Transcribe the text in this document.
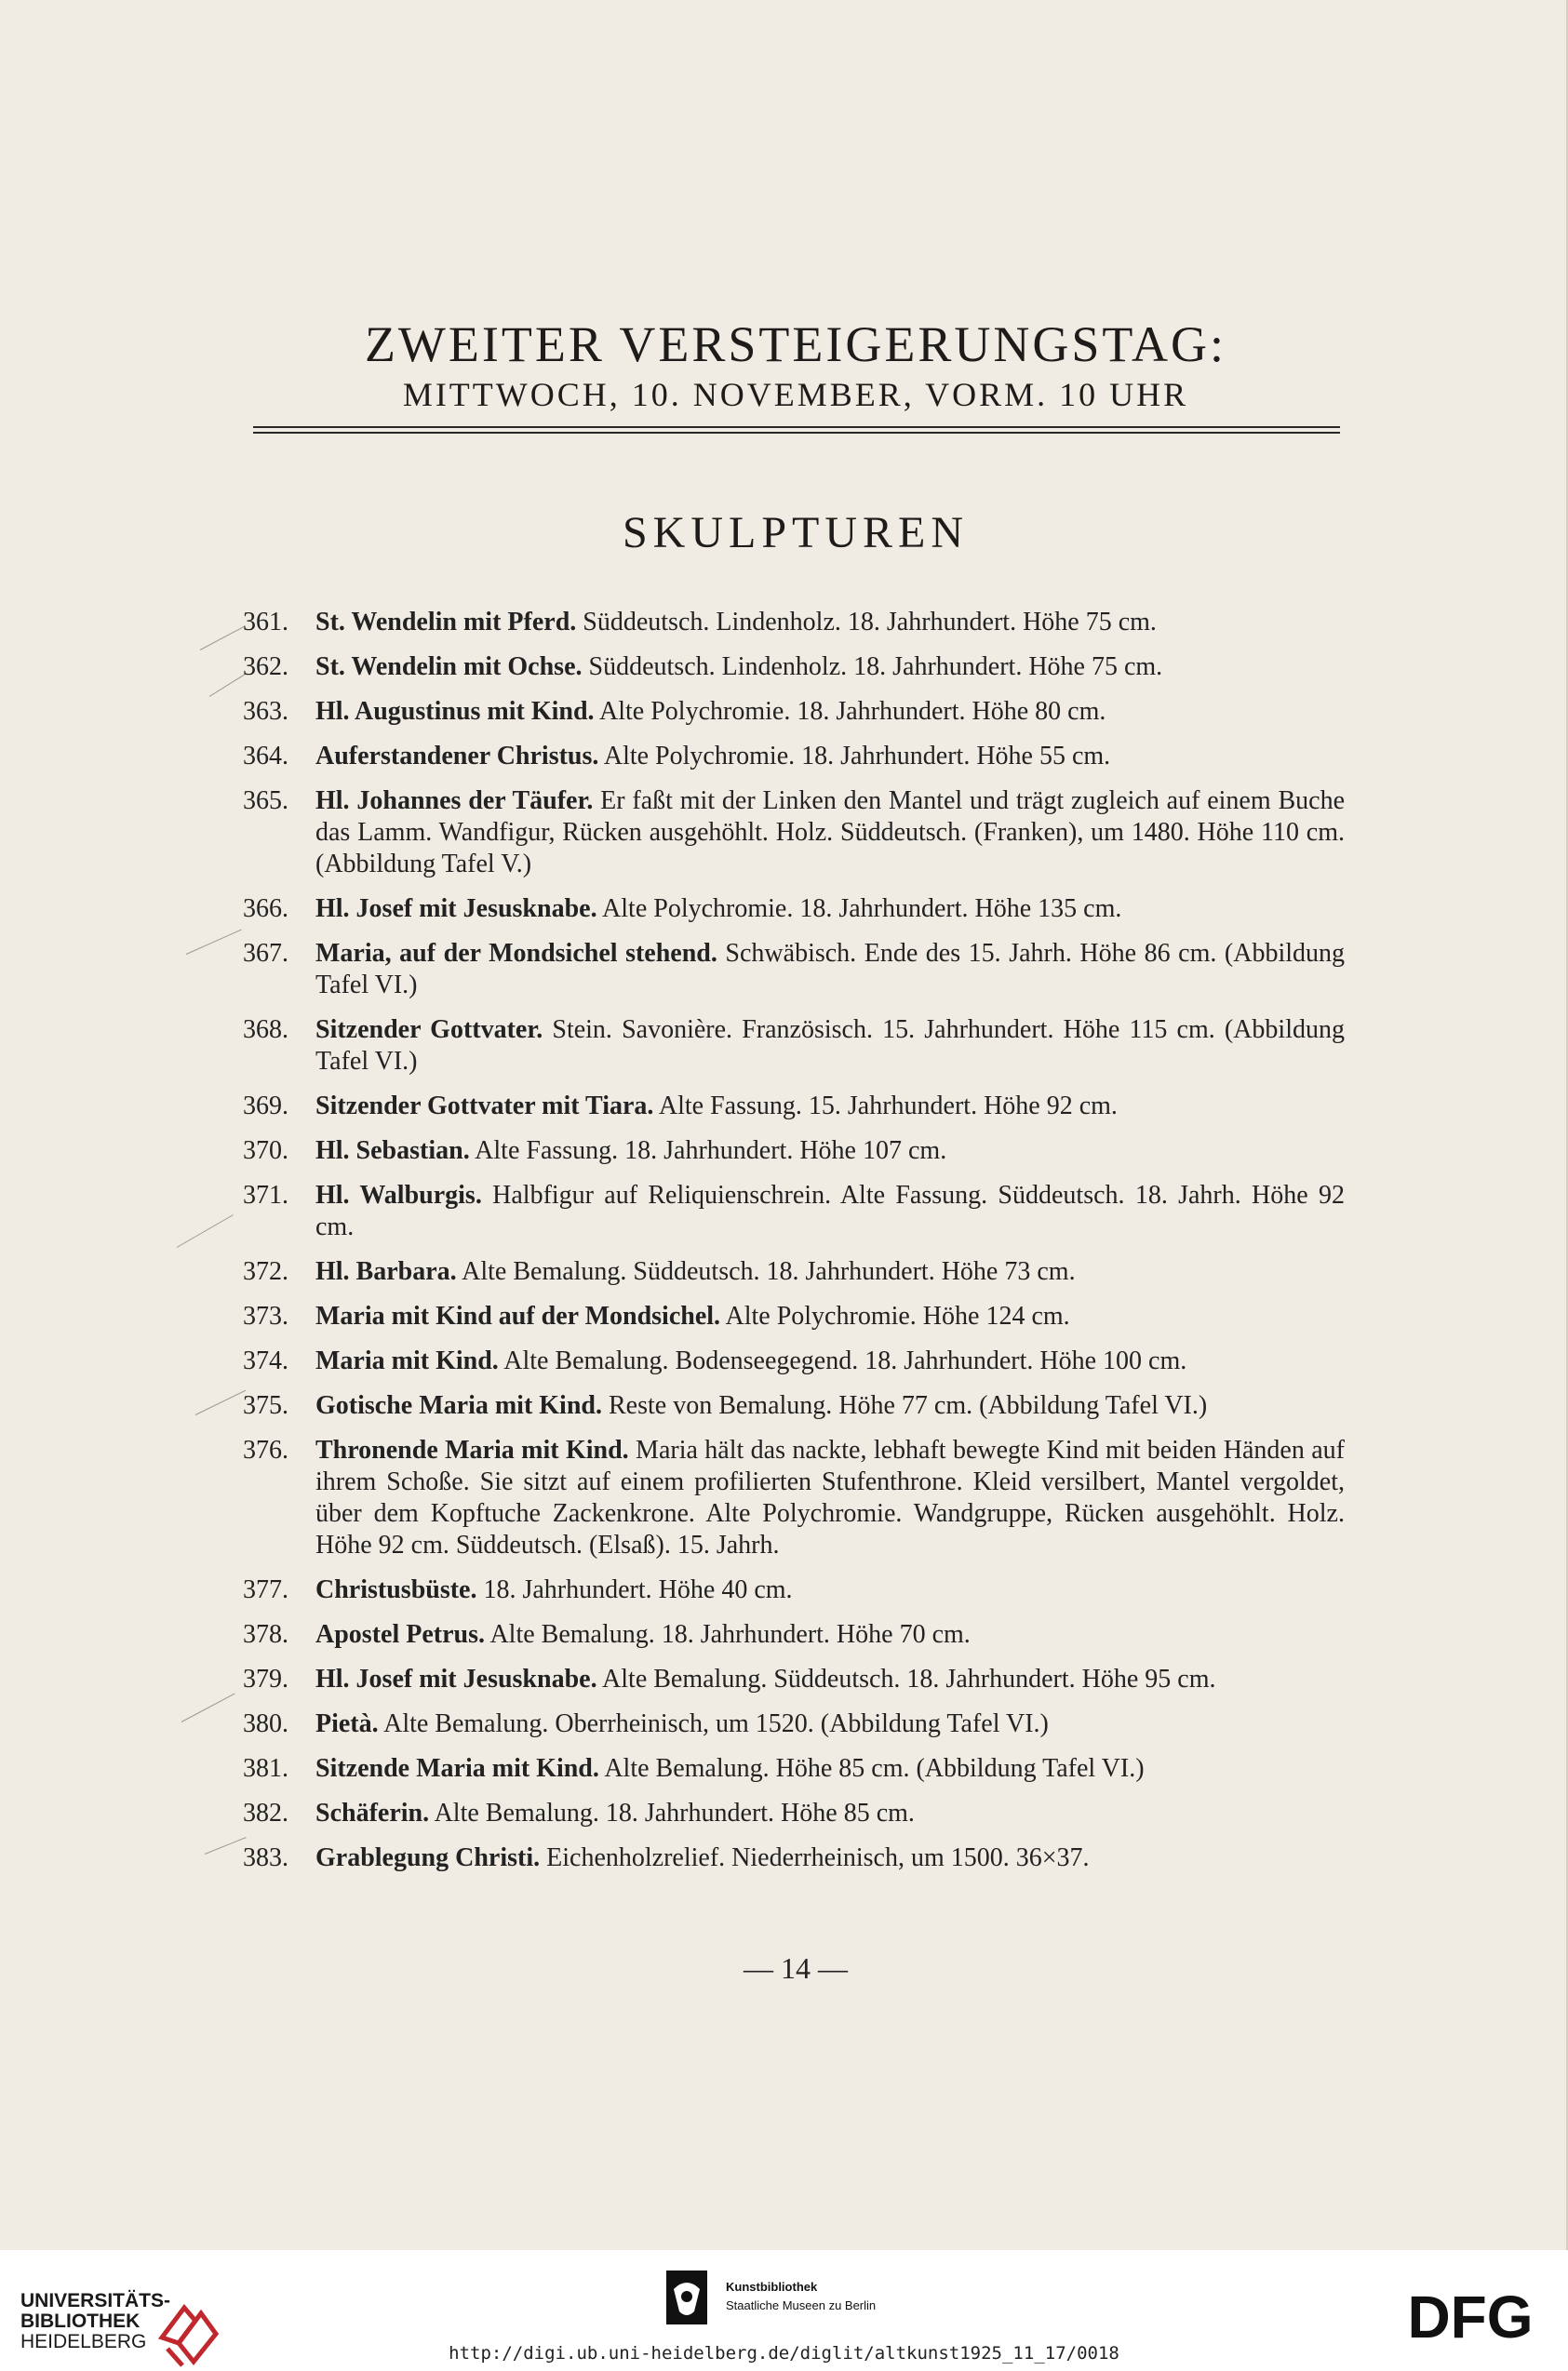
ZWEITER VERSTEIGERUNGSTAG:
MITTWOCH, 10. NOVEMBER, VORM. 10 UHR
SKULPTUREN
361.	St. Wendelin mit Pferd. Süddeutsch. Lindenholz. 18. Jahrhundert. Höhe 75 cm.
362.	St. Wendelin mit Ochse. Süddeutsch. Lindenholz. 18. Jahrhundert. Höhe 75 cm.
363.	Hl. Augustinus mit Kind. Alte Polychromie. 18. Jahrhundert. Höhe 80 cm.
364.	Auferstandener Christus. Alte Polychromie. 18. Jahrhundert. Höhe 55 cm.
365.	Hl. Johannes der Täufer. Er faßt mit der Linken den Mantel und trägt zugleich auf einem Buche das Lamm. Wandfigur, Rücken ausgehöhlt. Holz. Süddeutsch. (Franken), um 1480. Höhe 110 cm. (Abbildung Tafel V.)
366.	Hl. Josef mit Jesusknabe. Alte Polychromie. 18. Jahrhundert. Höhe 135 cm.
367.	Maria, auf der Mondsichel stehend. Schwäbisch. Ende des 15. Jahrh. Höhe 86 cm. (Abbildung Tafel VI.)
368.	Sitzender Gottvater. Stein. Savonière. Französisch. 15. Jahrhundert. Höhe 115 cm. (Abbildung Tafel VI.)
369.	Sitzender Gottvater mit Tiara. Alte Fassung. 15. Jahrhundert. Höhe 92 cm.
370.	Hl. Sebastian. Alte Fassung. 18. Jahrhundert. Höhe 107 cm.
371.	Hl. Walburgis. Halbfigur auf Reliquienschrein. Alte Fassung. Süddeutsch. 18. Jahrh. Höhe 92 cm.
372.	Hl. Barbara. Alte Bemalung. Süddeutsch. 18. Jahrhundert. Höhe 73 cm.
373.	Maria mit Kind auf der Mondsichel. Alte Polychromie. Höhe 124 cm.
374.	Maria mit Kind. Alte Bemalung. Bodenseegegend. 18. Jahrhundert. Höhe 100 cm.
375.	Gotische Maria mit Kind. Reste von Bemalung. Höhe 77 cm. (Abbildung Tafel VI.)
376.	Thronende Maria mit Kind. Maria hält das nackte, lebhaft bewegte Kind mit beiden Händen auf ihrem Schoße. Sie sitzt auf einem profilierten Stufenthrone. Kleid versilbert, Mantel vergoldet, über dem Kopftuche Zackenkrone. Alte Polychromie. Wandgruppe, Rücken ausgehöhlt. Holz. Höhe 92 cm. Süddeutsch. (Elsaß). 15. Jahrh.
377.	Christusbüste. 18. Jahrhundert. Höhe 40 cm.
378.	Apostel Petrus. Alte Bemalung. 18. Jahrhundert. Höhe 70 cm.
379.	Hl. Josef mit Jesusknabe. Alte Bemalung. Süddeutsch. 18. Jahrhundert. Höhe 95 cm.
380.	Pietà. Alte Bemalung. Oberrheinisch, um 1520. (Abbildung Tafel VI.)
381.	Sitzende Maria mit Kind. Alte Bemalung. Höhe 85 cm. (Abbildung Tafel VI.)
382.	Schäferin. Alte Bemalung. 18. Jahrhundert. Höhe 85 cm.
383.	Grablegung Christi. Eichenholzrelief. Niederrheinisch, um 1500. 36×37.
— 14 —
UNIVERSITÄTS-
BIBLIOTHEK
HEIDELBERG
Kunstbibliothek
Staatliche Museen zu Berlin	DFG
http://digi.ub.uni-heidelberg.de/diglit/altkunst1925_11_17/0018
